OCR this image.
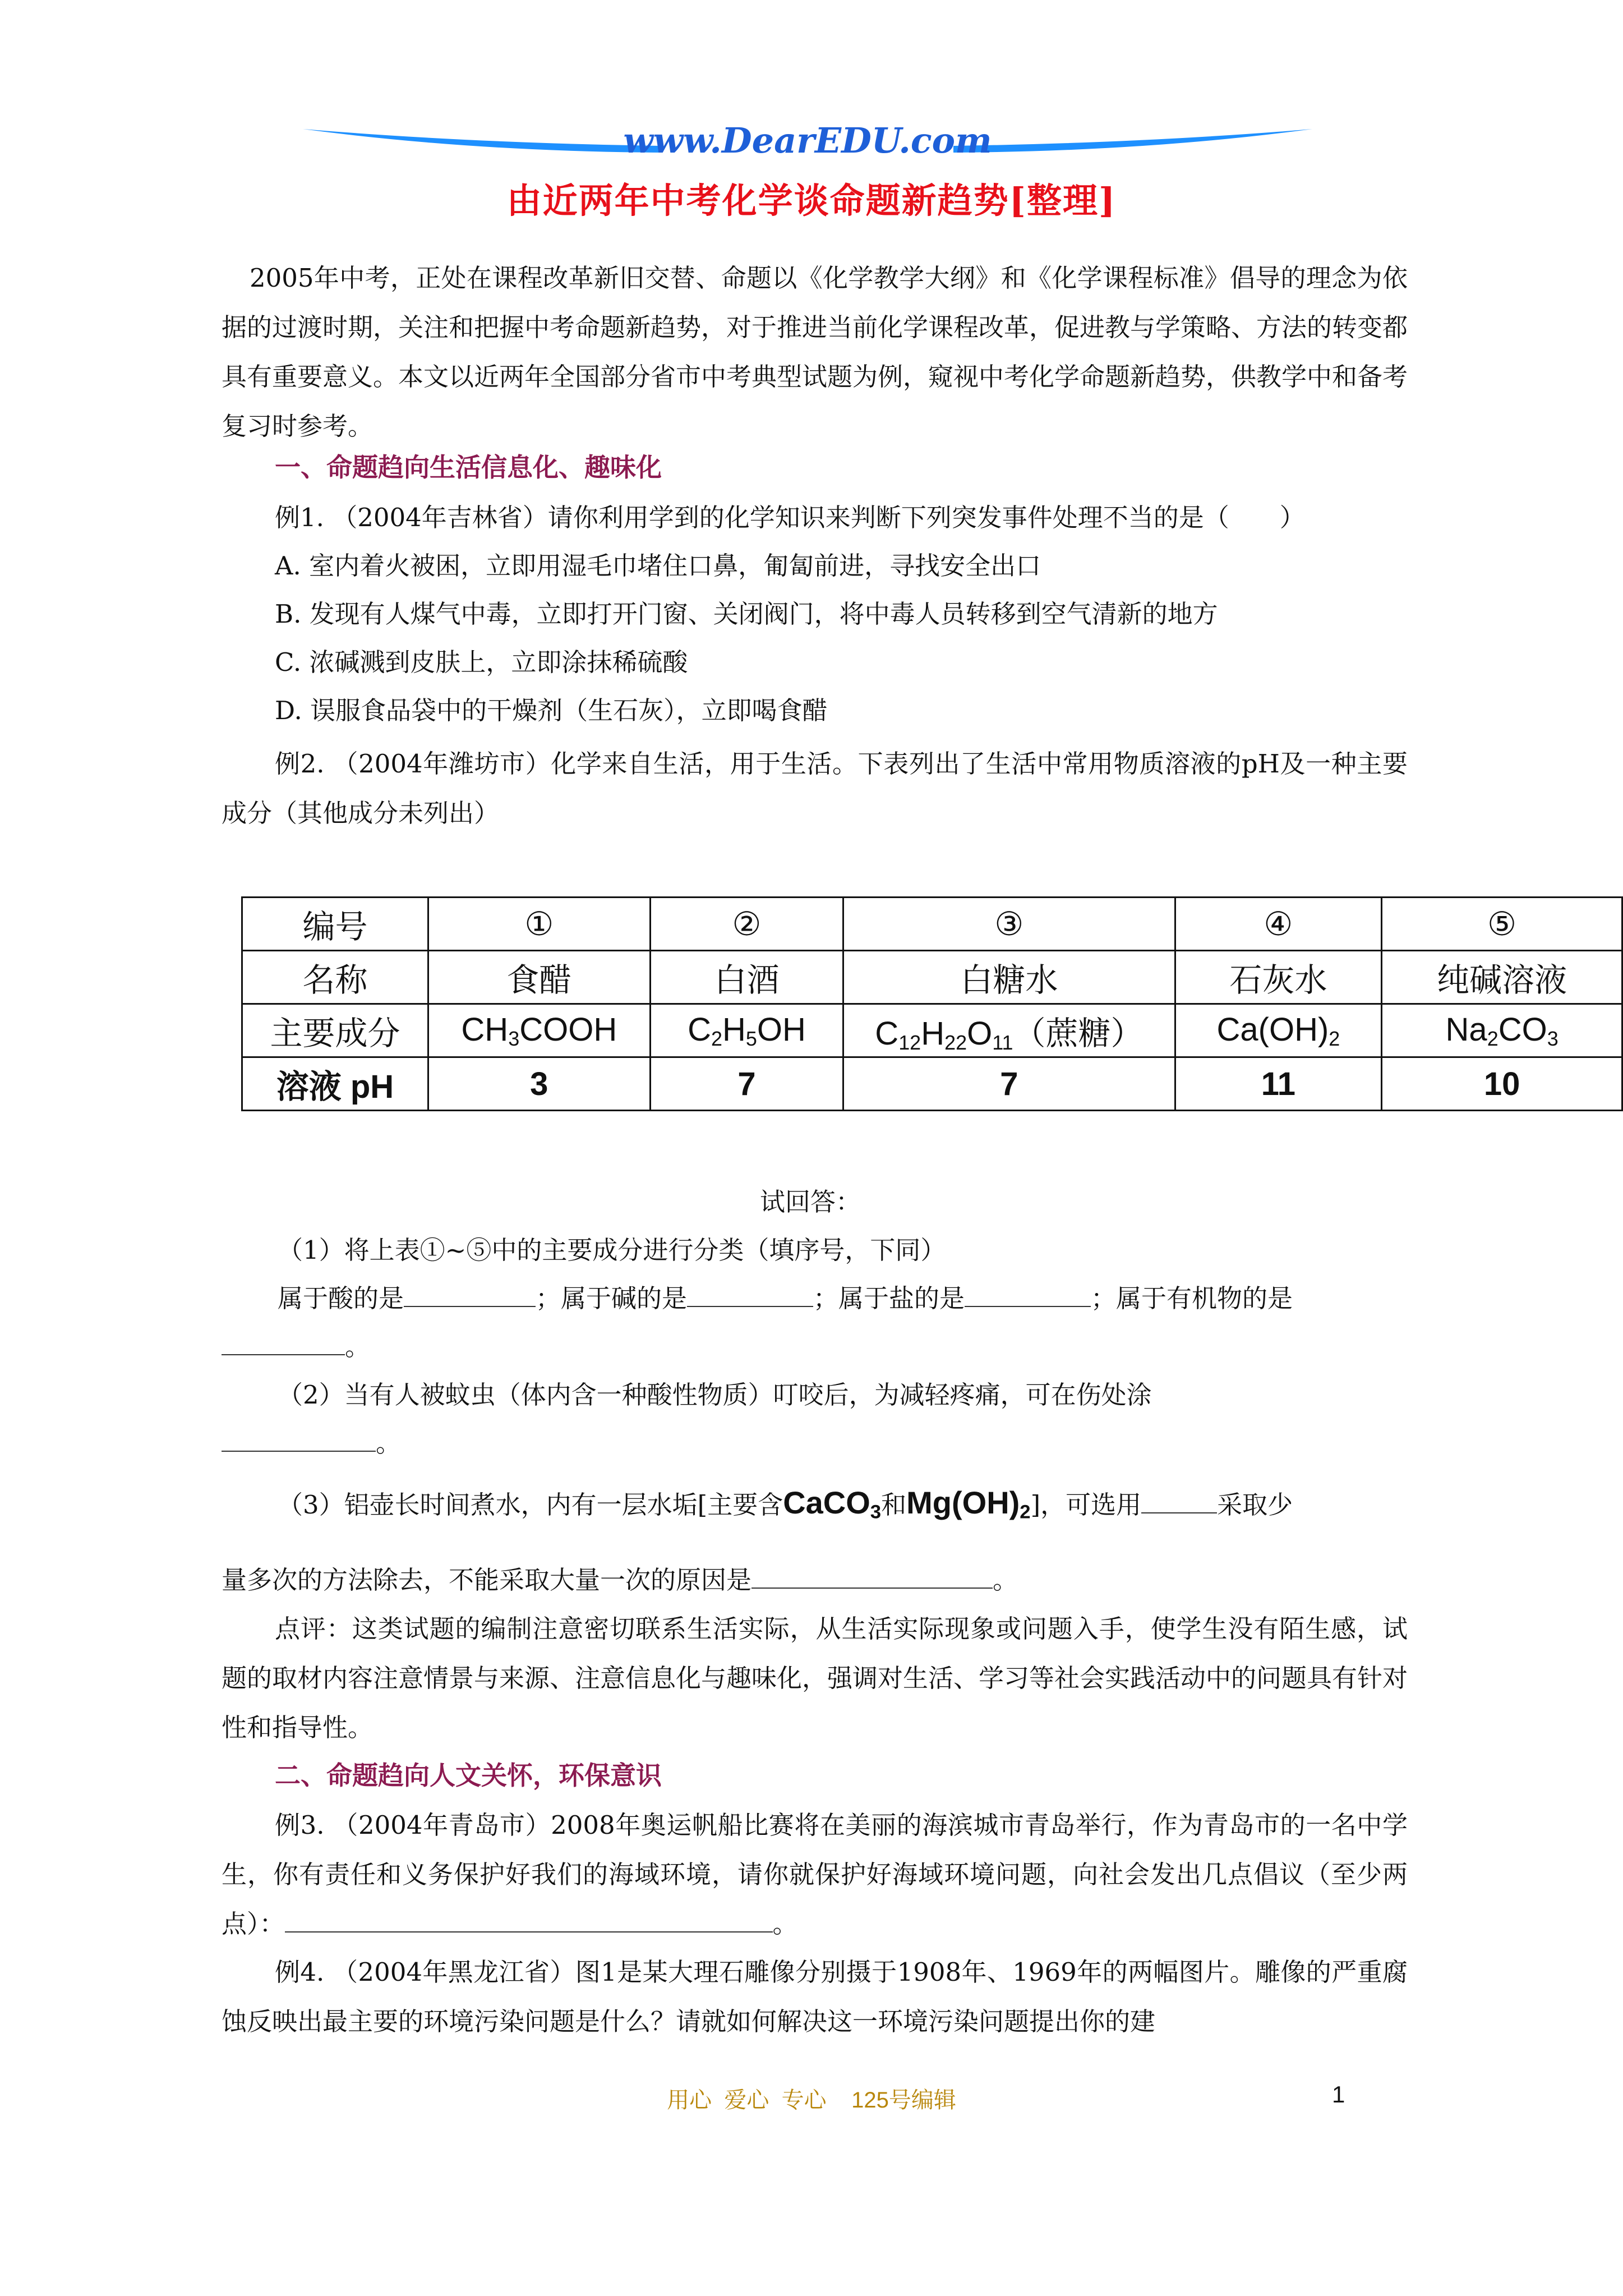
www.DearEDU.com
由近两年中考化学谈命题新趋势[整理]
2005年中考，正处在课程改革新旧交替、命题以《化学教学大纲》和《化学课程标准》倡导的理念为依据的过渡时期，关注和把握中考命题新趋势，对于推进当前化学课程改革，促进教与学策略、方法的转变都具有重要意义。本文以近两年全国部分省市中考典型试题为例，窥视中考化学命题新趋势，供教学中和备考复习时参考。
一、命题趋向生活信息化、趣味化
例1. （2004年吉林省）请你利用学到的化学知识来判断下列突发事件处理不当的是（　　）
A. 室内着火被困，立即用湿毛巾堵住口鼻，匍匐前进，寻找安全出口
B. 发现有人煤气中毒，立即打开门窗、关闭阀门，将中毒人员转移到空气清新的地方
C. 浓碱溅到皮肤上，立即涂抹稀硫酸
D. 误服食品袋中的干燥剂（生石灰），立即喝食醋
例2. （2004年潍坊市）化学来自生活，用于生活。下表列出了生活中常用物质溶液的pH及一种主要成分（其他成分未列出）
编号	①	②	③	④	⑤
名称	食醋	白酒	白糖水	石灰水	纯碱溶液
主要成分	$CH_3COOH$	$C_2H_5OH$	$C_{12}H_{22}O_{11}$（蔗糖）	$Ca(OH)_2$	$Na_2CO_3$
溶液 pH	3	7	7	11	10
试回答：
（1）将上表①~⑤中的主要成分进行分类（填序号，下同）
属于酸的是	；属于碱的是	；属于盐的是	；属于有机物的是
。
（2）当有人被蚊虫（体内含一种酸性物质）叮咬后，为减轻疼痛，可在伤处涂
。
（3）铝壶长时间煮水，内有一层水垢[主要含CaCO$_3$和$Mg(OH)_2$]，可选用	采取少
量多次的方法除去，不能采取大量一次的原因是	。
点评：这类试题的编制注意密切联系生活实际，从生活实际现象或问题入手，使学生没有陌生感，试题的取材内容注意情景与来源、注意信息化与趣味化，强调对生活、学习等社会实践活动中的问题具有针对性和指导性。
二、命题趋向人文关怀，环保意识
例3. （2004年青岛市）2008年奥运帆船比赛将在美丽的海滨城市青岛举行，作为青岛市的一名中学生，你有责任和义务保护好我们的海域环境，请你就保护好海域环境问题，向社会发出几点倡议（至少两点）：	。
例4. （2004年黑龙江省）图1是某大理石雕像分别摄于1908年、1969年的两幅图片。雕像的严重腐蚀反映出最主要的环境污染问题是什么？请就如何解决这一环境污染问题提出你的建
用心  爱心  专心    125号编辑	1
